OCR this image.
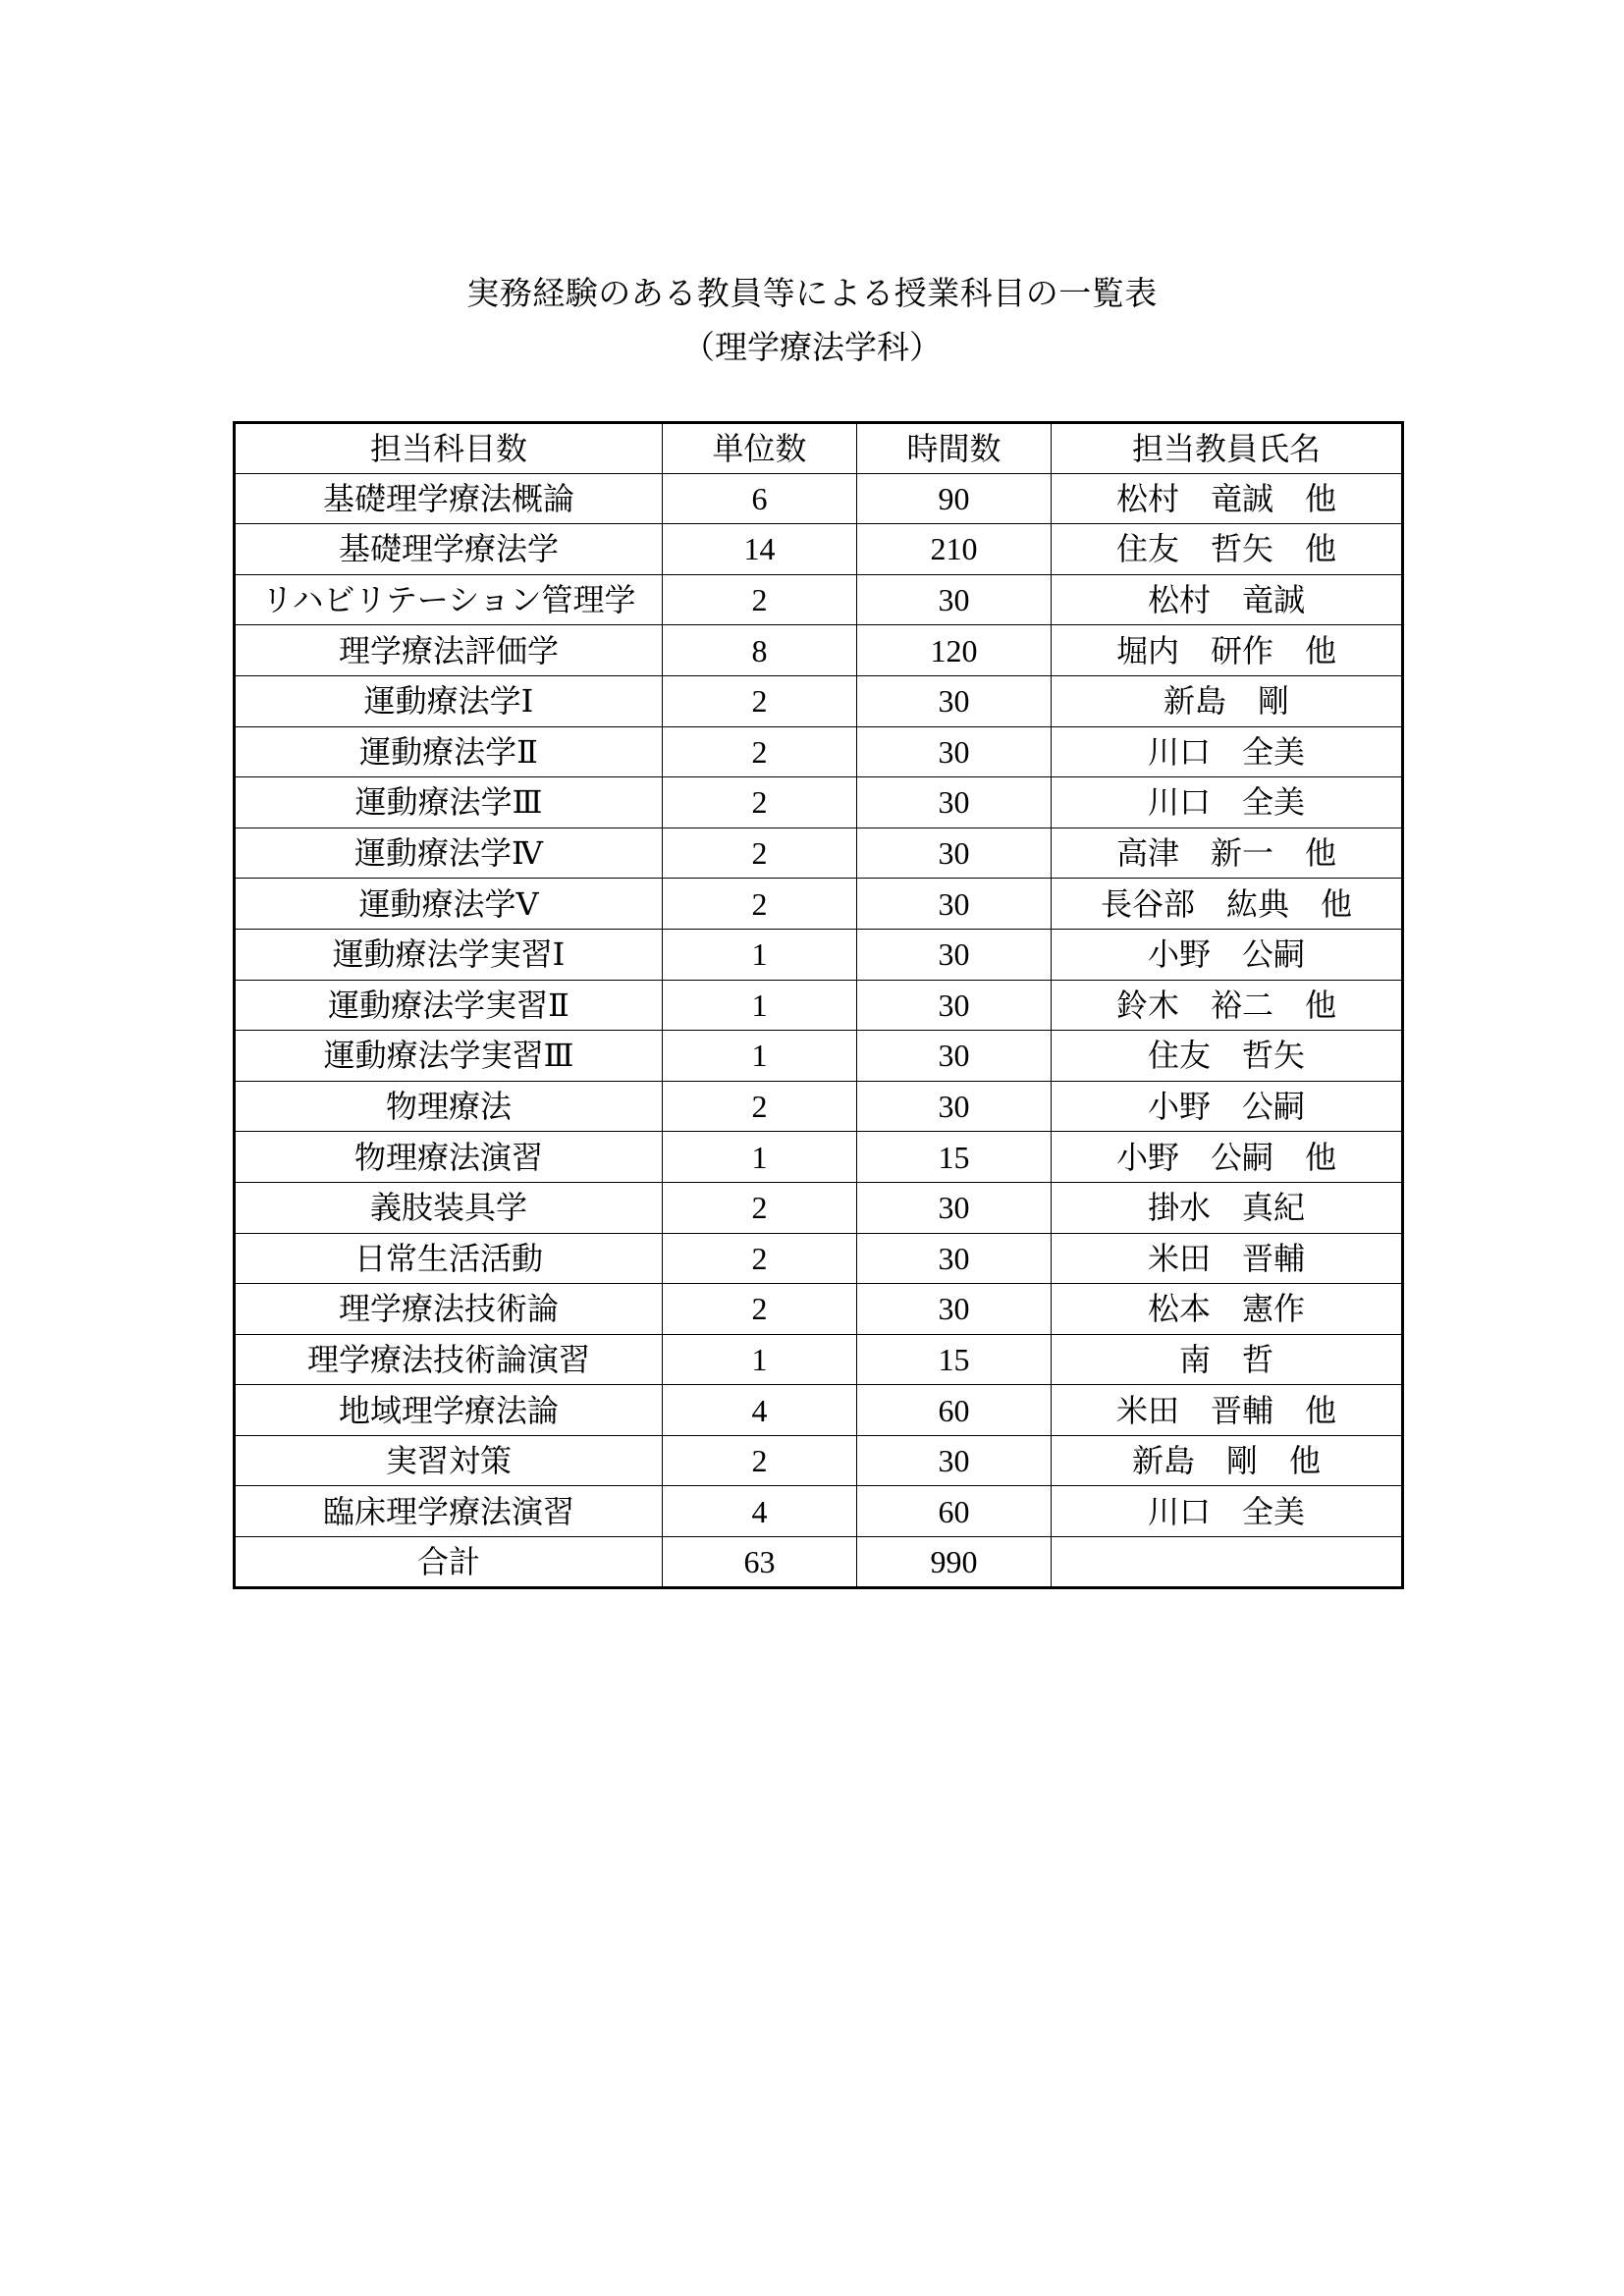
実務経験のある教員等による授業科目の一覧表
（理学療法学科）
担当科目数	単位数	時間数	担当教員氏名
基礎理学療法概論	6	90	松村　竜誠　他
基礎理学療法学	14	210	住友　哲矢　他
リハビリテーション管理学	2	30	松村　竜誠
理学療法評価学	8	120	堀内　研作　他
運動療法学Ⅰ	2	30	新島　剛
運動療法学Ⅱ	2	30	川口　全美
運動療法学Ⅲ	2	30	川口　全美
運動療法学Ⅳ	2	30	高津　新一　他
運動療法学Ⅴ	2	30	長谷部　紘典　他
運動療法学実習Ⅰ	1	30	小野　公嗣
運動療法学実習Ⅱ	1	30	鈴木　裕二　他
運動療法学実習Ⅲ	1	30	住友　哲矢
物理療法	2	30	小野　公嗣
物理療法演習	1	15	小野　公嗣　他
義肢装具学	2	30	掛水　真紀
日常生活活動	2	30	米田　晋輔
理学療法技術論	2	30	松本　憲作
理学療法技術論演習	1	15	南　哲
地域理学療法論	4	60	米田　晋輔　他
実習対策	2	30	新島　剛　他
臨床理学療法演習	4	60	川口　全美
合計	63	990	
